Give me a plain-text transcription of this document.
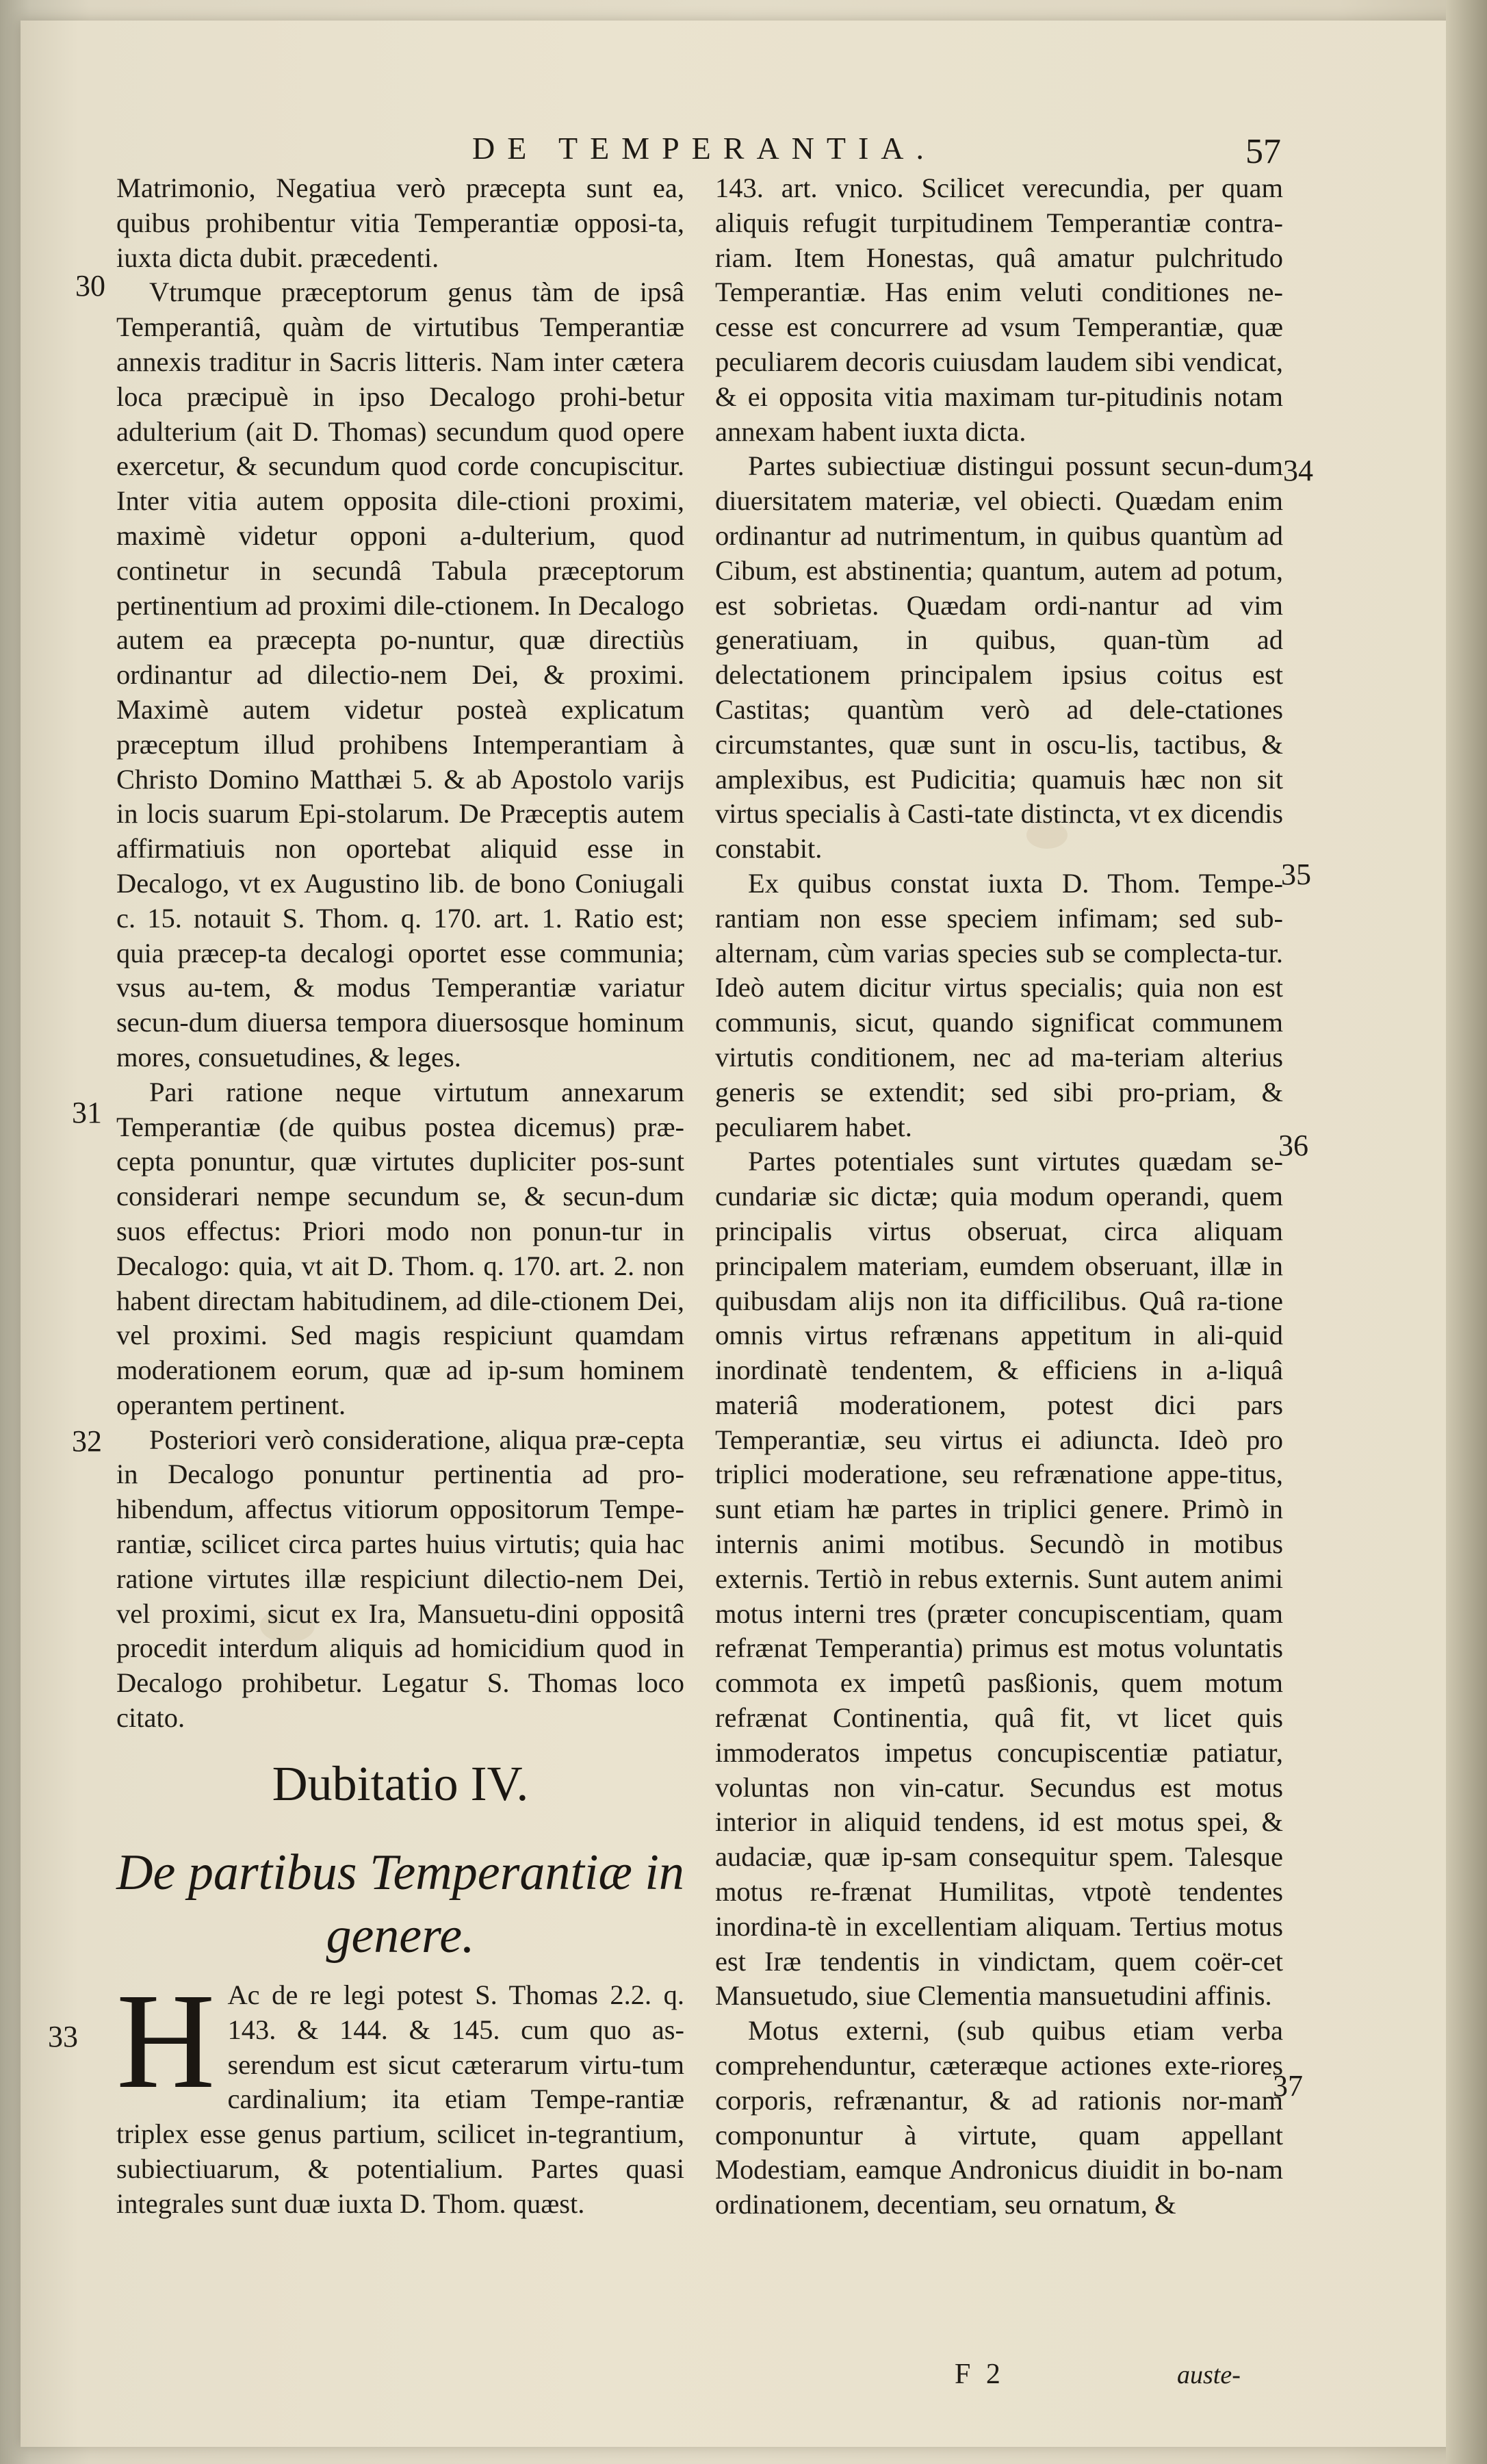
DE TEMPERANTIA.	57
30
31
32
33
34
35
36
37

Matrimonio, Negatiua verò præcepta sunt ea, quibus prohibentur vitia Temperantiæ opposi-ta, iuxta dicta dubit. præcedenti.

Vtrumque præceptorum genus tàm de ipsâ Temperantiâ, quàm de virtutibus Temperantiæ annexis traditur in Sacris litteris. Nam inter cætera loca præcipuè in ipso Decalogo prohi-betur adulterium (ait D. Thomas) secundum quod opere exercetur, & secundum quod corde concupiscitur. Inter vitia autem opposita dile-ctioni proximi, maximè videtur opponi a-dulterium, quod continetur in secundâ Tabula præceptorum pertinentium ad proximi dile-ctionem. In Decalogo autem ea præcepta po-nuntur, quæ directiùs ordinantur ad dilectio-nem Dei, & proximi. Maximè autem videtur posteà explicatum præceptum illud prohibens Intemperantiam à Christo Domino Matthæi 5. & ab Apostolo varijs in locis suarum Epi-stolarum. De Præceptis autem affirmatiuis non oportebat aliquid esse in Decalogo, vt ex Augustino lib. de bono Coniugali c. 15. notauit S. Thom. q. 170. art. 1. Ratio est; quia præcep-ta decalogi oportet esse communia; vsus au-tem, & modus Temperantiæ variatur secun-dum diuersa tempora diuersosque hominum mores, consuetudines, & leges.

Pari ratione neque virtutum annexarum Temperantiæ (de quibus postea dicemus) præ-cepta ponuntur, quæ virtutes dupliciter pos-sunt considerari nempe secundum se, & secun-dum suos effectus: Priori modo non ponun-tur in Decalogo: quia, vt ait D. Thom. q. 170. art. 2. non habent directam habitudinem, ad dile-ctionem Dei, vel proximi. Sed magis respiciunt quamdam moderationem eorum, quæ ad ip-sum hominem operantem pertinent.

Posteriori verò consideratione, aliqua præ-cepta in Decalogo ponuntur pertinentia ad pro-hibendum, affectus vitiorum oppositorum Tempe-rantiæ, scilicet circa partes huius virtutis; quia hac ratione virtutes illæ respiciunt dilectio-nem Dei, vel proximi, sicut ex Ira, Mansuetu-dini oppositâ procedit interdum aliquis ad homicidium quod in Decalogo prohibetur. Legatur S. Thomas loco citato.

Dubitatio IV.
De partibus Temperantiæ in genere.
H Ac de re legi potest S. Thomas 2.2. q. 143. & 144. & 145. cum quo as-serendum est sicut cæterarum virtu-tum cardinalium; ita etiam Tempe-rantiæ triplex esse genus partium, scilicet in-tegrantium, subiectiuarum, & potentialium. Partes quasi integrales sunt duæ iuxta D. Thom. quæst.

143. art. vnico. Scilicet verecundia, per quam aliquis refugit turpitudinem Temperantiæ contra-riam. Item Honestas, quâ amatur pulchritudo Temperantiæ. Has enim veluti conditiones ne-cesse est concurrere ad vsum Temperantiæ, quæ peculiarem decoris cuiusdam laudem sibi vendicat, & ei opposita vitia maximam tur-pitudinis notam annexam habent iuxta dicta.

Partes subiectiuæ distingui possunt secun-dum diuersitatem materiæ, vel obiecti. Quædam enim ordinantur ad nutrimentum, in quibus quantùm ad Cibum, est abstinentia; quantum, autem ad potum, est sobrietas. Quædam ordi-nantur ad vim generatiuam, in quibus, quan-tùm ad delectationem principalem ipsius coitus est Castitas; quantùm verò ad dele-ctationes circumstantes, quæ sunt in oscu-lis, tactibus, & amplexibus, est Pudicitia; quamuis hæc non sit virtus specialis à Casti-tate distincta, vt ex dicendis constabit.

Ex quibus constat iuxta D. Thom. Tempe-rantiam non esse speciem infimam; sed sub-alternam, cùm varias species sub se complecta-tur. Ideò autem dicitur virtus specialis; quia non est communis, sicut, quando significat communem virtutis conditionem, nec ad ma-teriam alterius generis se extendit; sed sibi pro-priam, & peculiarem habet.

Partes potentiales sunt virtutes quædam se-cundariæ sic dictæ; quia modum operandi, quem principalis virtus obseruat, circa aliquam principalem materiam, eumdem obseruant, illæ in quibusdam alijs non ita difficilibus. Quâ ra-tione omnis virtus refrænans appetitum in ali-quid inordinatè tendentem, & efficiens in a-liquâ materiâ moderationem, potest dici pars Temperantiæ, seu virtus ei adiuncta. Ideò pro triplici moderatione, seu refrænatione appe-titus, sunt etiam hæ partes in triplici genere. Primò in internis animi motibus. Secundò in motibus externis. Tertiò in rebus externis. Sunt autem animi motus interni tres (præter concupiscentiam, quam refrænat Temperantia) primus est motus voluntatis commota ex impetû pasßionis, quem motum refrænat Continentia, quâ fit, vt licet quis immoderatos impetus concupiscentiæ patiatur, voluntas non vin-catur. Secundus est motus interior in aliquid tendens, id est motus spei, & audaciæ, quæ ip-sam consequitur spem. Talesque motus re-frænat Humilitas, vtpotè tendentes inordina-tè in excellentiam aliquam. Tertius motus est Iræ tendentis in vindictam, quem coër-cet Mansuetudo, siue Clementia mansuetudini affinis.

Motus externi, (sub quibus etiam verba comprehenduntur, cæteræque actiones exte-riores corporis, refrænantur, & ad rationis nor-mam componuntur à virtute, quam appellant Modestiam, eamque Andronicus diuidit in bo-nam ordinationem, decentiam, seu ornatum, &

F 2	auste-
